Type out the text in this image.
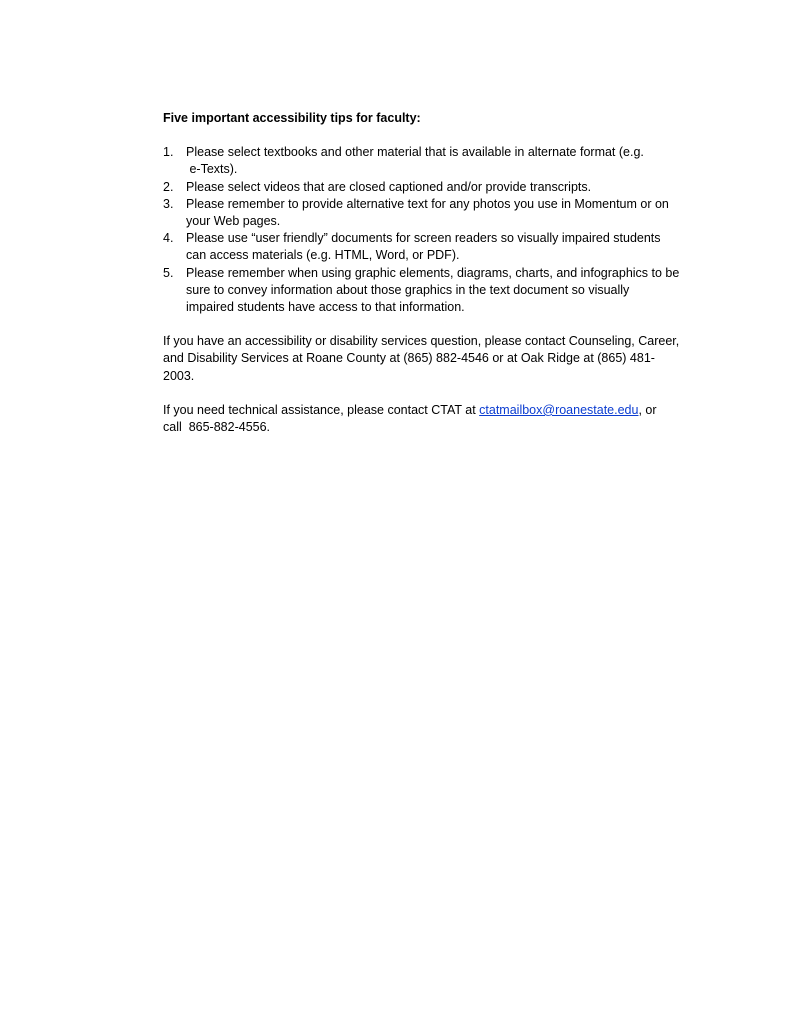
Five important accessibility tips for faculty:
1. Please select textbooks and other material that is available in alternate format (e.g.
e-Texts).
2. Please select videos that are closed captioned and/or provide transcripts.
3. Please remember to provide alternative text for any photos you use in Momentum or on
your Web pages.
4. Please use “user friendly” documents for screen readers so visually impaired students
can access materials (e.g. HTML, Word, or PDF).
5. Please remember when using graphic elements, diagrams, charts, and infographics to be
sure to convey information about those graphics in the text document so visually
impaired students have access to that information.
If you have an accessibility or disability services question, please contact Counseling, Career,
and Disability Services at Roane County at (865) 882-4546 or at Oak Ridge at (865) 481-
2003.
If you need technical assistance, please contact CTAT at ctatmailbox@roanestate.edu, or
call  865-882-4556.
